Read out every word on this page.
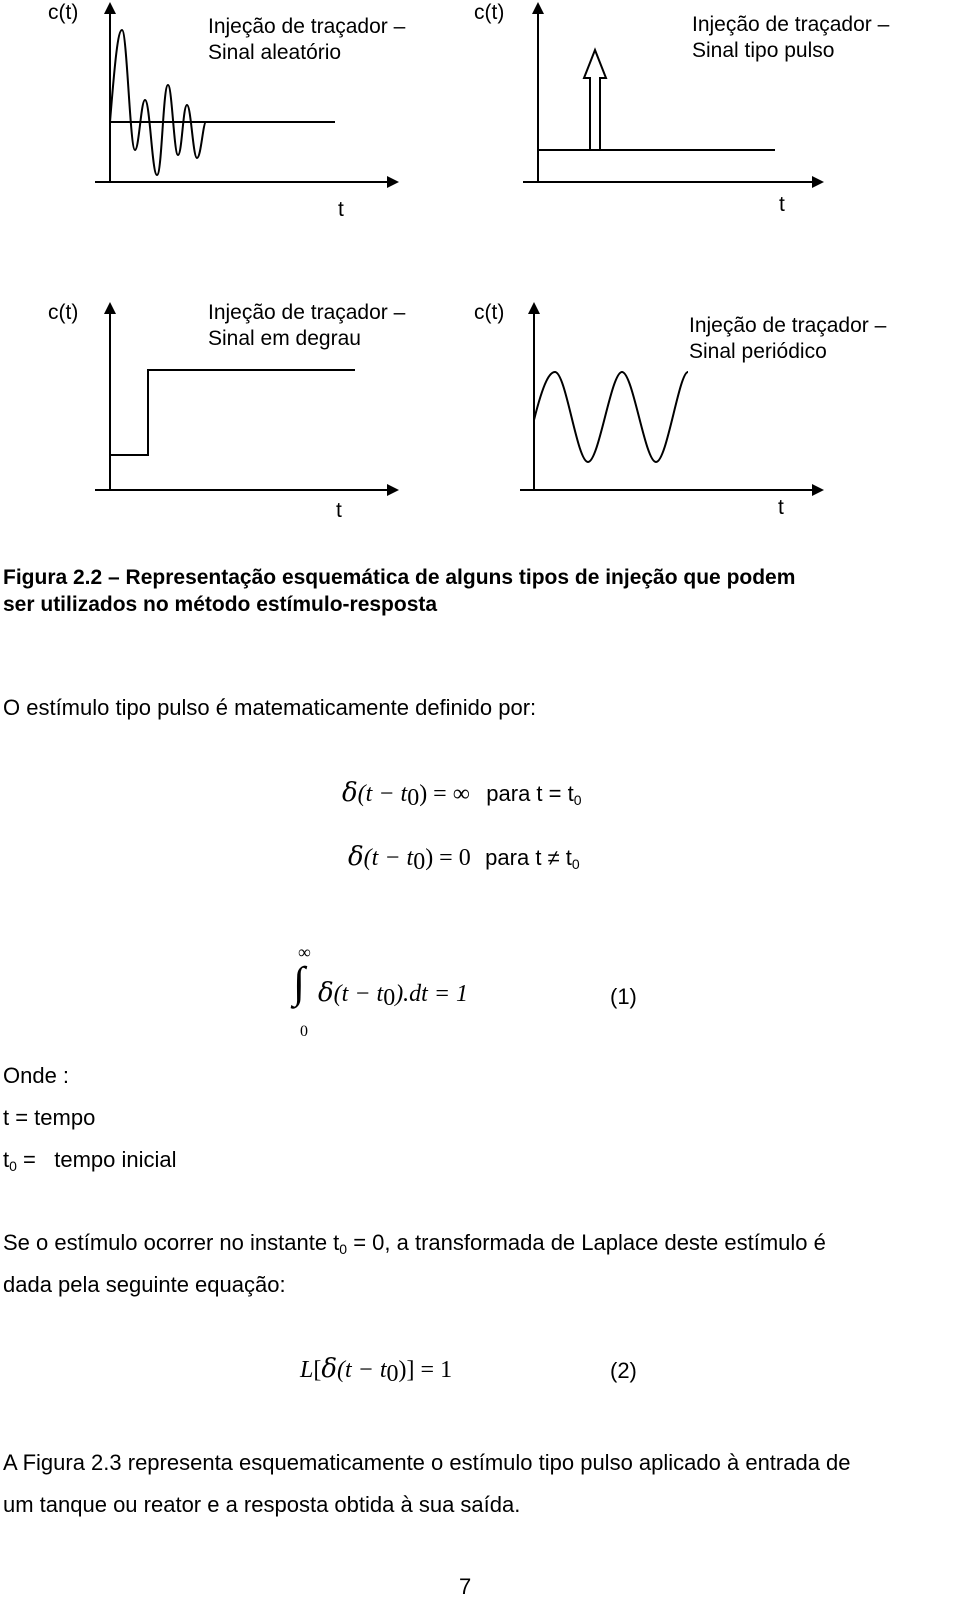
c(t)
Injeção de traçador –
Sinal aleatório
t
c(t)
Injeção de traçador –
Sinal tipo pulso
t
c(t)	Injeção de traçador –
Sinal em degrau
t
c(t)
Injeção de traçador –
Sinal periódico
t
Figura 2.2 – Representação esquemática de alguns tipos de injeção que podem
ser utilizados no método estímulo-resposta
O estímulo tipo pulso é matematicamente definido por:
$\delta(t - t_0)$ = ∞ para t = t0
$\delta(t - t_0) = 0$ para t ≠ t0
∞
∫
0
$\delta(t - t_0).dt = 1$	(1)
Onde :
t = tempo
t0 =   tempo inicial
Se o estímulo ocorrer no instante t0 = 0, a transformada de Laplace deste estímulo é
dada pela seguinte equação:
$L[\delta(t - t_0)] = 1$	(2)
A Figura 2.3 representa esquematicamente o estímulo tipo pulso aplicado à entrada de
um tanque ou reator e a resposta obtida à sua saída.
7
